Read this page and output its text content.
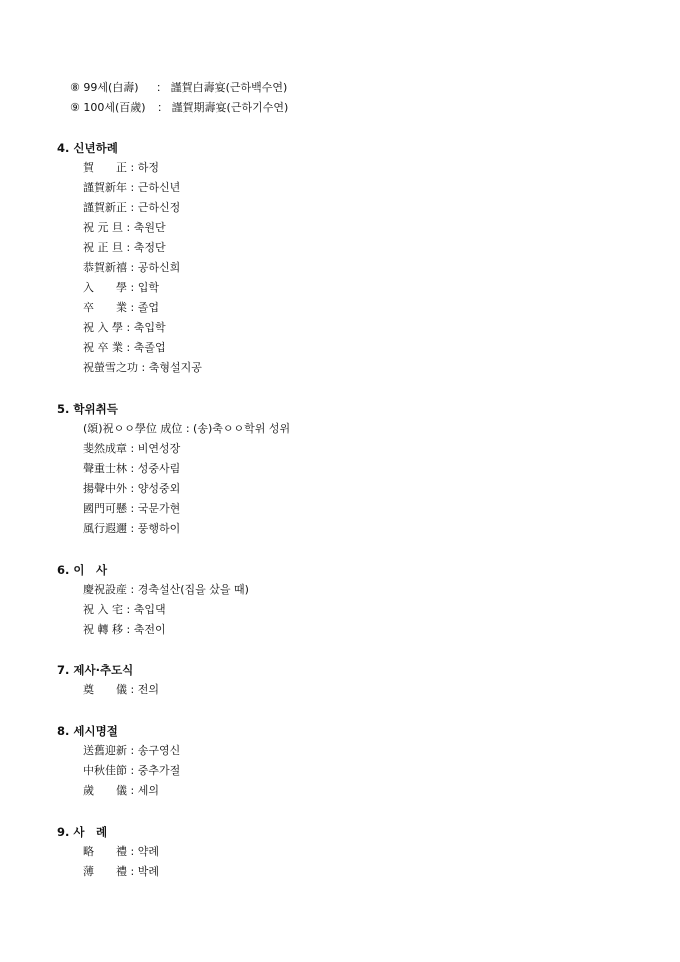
⑧ 99세(白壽) ： 謹賀白壽宴(근하백수연)
⑨ 100세(百歲) ： 謹賀期壽宴(근하기수연)
4. 신년하례
賀　　正 : 하정
謹賀新年 : 근하신년
謹賀新正 : 근하신정
祝 元 旦 : 축원단
祝 正 旦 : 축정단
恭賀新禧 : 공하신희
入　　學 : 입학
卒　　業 : 졸업
祝 入 學 : 축입학
祝 卒 業 : 축졸업
祝螢雪之功 : 축형설지공
5. 학위취득
(頌)祝ㅇㅇ學位 成位 : (송)축ㅇㅇ학위 성위
斐然成章 : 비연성장
聲重士林 : 성중사림
揚聲中外 : 양성중외
國門可懸 : 국문가현
風行遐邇 : 풍행하이
6. 이　사
慶祝設産 : 경축설산(집을 샀을 때)
祝 入 宅 : 축입댁
祝 轉 移 : 축전이
7. 제사·추도식
奠　　儀 : 전의
8. 세시명절
送舊迎新 : 송구영신
中秋佳節 : 중추가절
歲　　儀 : 세의
9. 사　례
略　　禮 : 약례
薄　　禮 : 박례
